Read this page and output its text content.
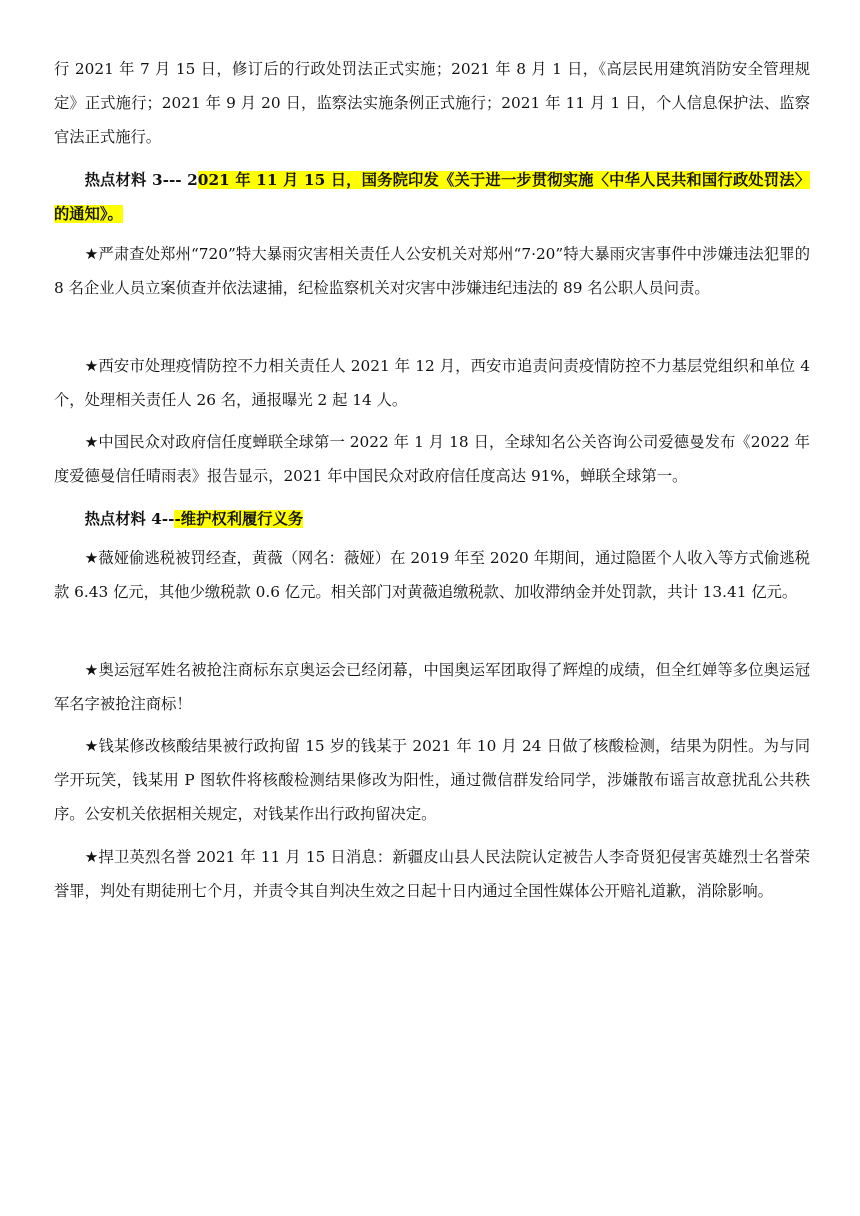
行 2021 年 7 月 15 日，修订后的行政处罚法正式实施；2021 年 8 月 1 日，《高层民用建筑消防安全管理规定》正式施行；2021 年 9 月 20 日，监察法实施条例正式施行；2021 年 11 月 1 日，个人信息保护法、监察官法正式施行。

热点材料 3--- 2021 年 11 月 15 日，国务院印发《关于进一步贯彻实施〈中华人民共和国行政处罚法〉的通知》。

★严肃查处郑州“720”特大暴雨灾害相关责任人公安机关对郑州“7·20”特大暴雨灾害事件中涉嫌违法犯罪的 8 名企业人员立案侦查并依法逮捕，纪检监察机关对灾害中涉嫌违纪违法的 89 名公职人员问责。

★西安市处理疫情防控不力相关责任人 2021 年 12 月，西安市追责问责疫情防控不力基层党组织和单位 4 个，处理相关责任人 26 名，通报曝光 2 起 14 人。

★中国民众对政府信任度蝉联全球第一 2022 年 1 月 18 日，全球知名公关咨询公司爱德曼发布《2022 年度爱德曼信任晴雨表》报告显示，2021 年中国民众对政府信任度高达 91%，蝉联全球第一。

热点材料 4---维护权利履行义务

★薇娅偷逃税被罚经查，黄薇（网名：薇娅）在 2019 年至 2020 年期间，通过隐匿个人收入等方式偷逃税款 6.43 亿元，其他少缴税款 0.6 亿元。相关部门对黄薇追缴税款、加收滞纳金并处罚款，共计 13.41 亿元。

★奥运冠军姓名被抢注商标东京奥运会已经闭幕，中国奥运军团取得了辉煌的成绩，但全红婵等多位奥运冠军名字被抢注商标！

★钱某修改核酸结果被行政拘留 15 岁的钱某于 2021 年 10 月 24 日做了核酸检测，结果为阴性。为与同学开玩笑，钱某用 P 图软件将核酸检测结果修改为阳性，通过微信群发给同学，涉嫌散布谣言故意扰乱公共秩序。公安机关依据相关规定，对钱某作出行政拘留决定。

★捍卫英烈名誉 2021 年 11 月 15 日消息：新疆皮山县人民法院认定被告人李奇贤犯侵害英雄烈士名誉荣誉罪，判处有期徒刑七个月，并责令其自判决生效之日起十日内通过全国性媒体公开赔礼道歉，消除影响。
